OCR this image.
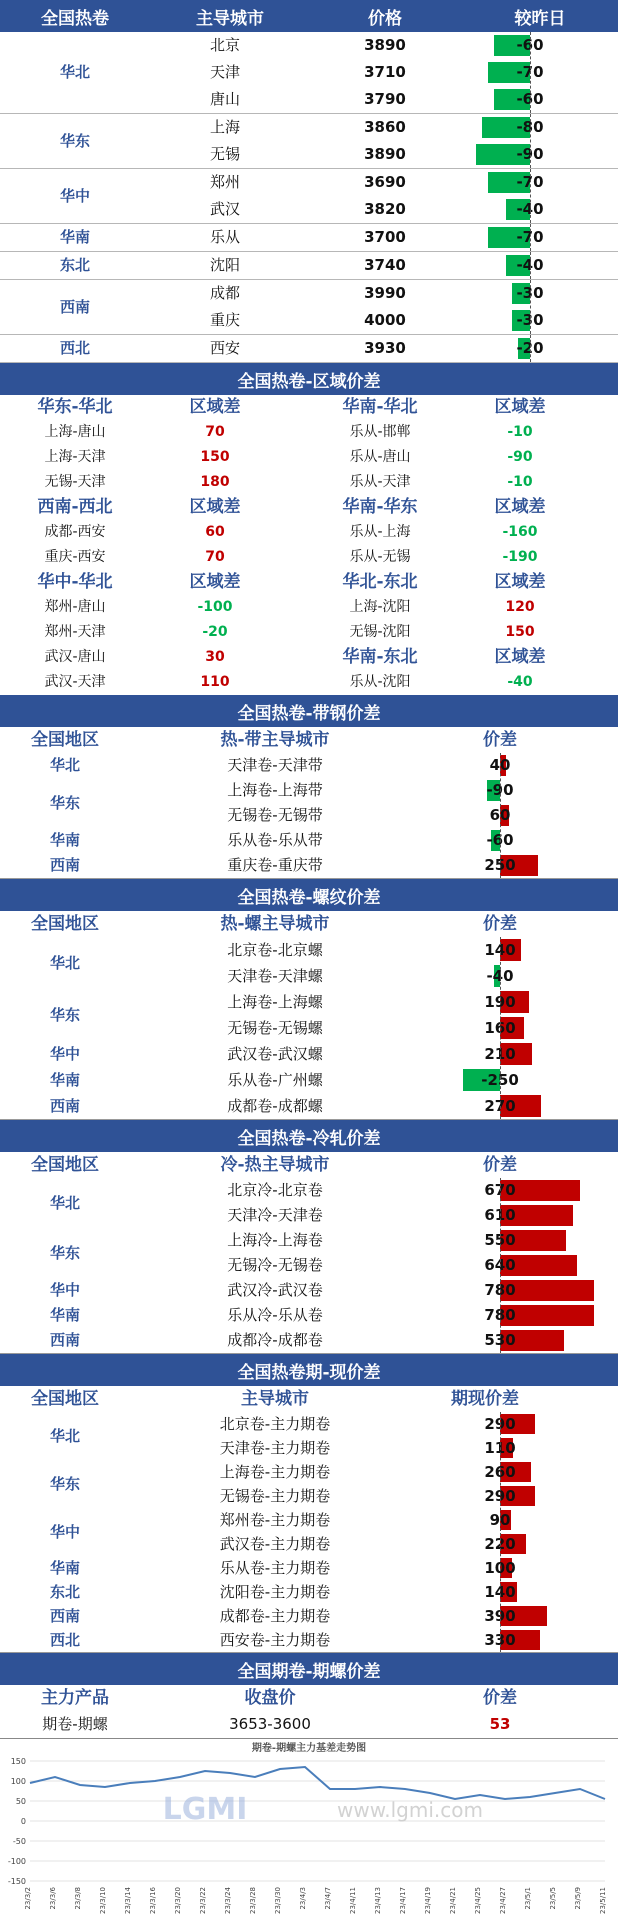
全国热卷	主导城市	价格	较昨日
华北
北京	3890	-60
天津	3710	-70
唐山	3790	-60
华东
上海	3860	-80
无锡	3890	-90
华中
郑州	3690	-70
武汉	3820	-40
华南	乐从	3700	-70
东北	沈阳	3740	-40
西南
成都	3990	-30
重庆	4000	-30
西北	西安	3930	-20
全国热卷-区域价差
华东-华北	区域差
上海-唐山	70
上海-天津	150
无锡-天津	180
华南-华北	区域差
乐从-邯郸	-10
乐从-唐山	-90
乐从-天津	-10
西南-西北	区域差
成都-西安	60
重庆-西安	70
华南-华东	区域差
乐从-上海	-160
乐从-无锡	-190
华中-华北	区域差
郑州-唐山	-100
郑州-天津	-20
武汉-唐山	30
武汉-天津	110
华北-东北	区域差
上海-沈阳	120
无锡-沈阳	150
华南-东北	区域差
乐从-沈阳	-40
全国热卷-带钢价差
全国地区	热-带主导城市	价差
华北	天津卷-天津带	40
华东
上海卷-上海带	-90
无锡卷-无锡带	60
华南	乐从卷-乐从带	-60
西南	重庆卷-重庆带	250
全国热卷-螺纹价差
全国地区	热-螺主导城市	价差
华北
北京卷-北京螺	140
天津卷-天津螺	-40
华东
上海卷-上海螺	190
无锡卷-无锡螺	160
华中	武汉卷-武汉螺	210
华南	乐从卷-广州螺	-250
西南	成都卷-成都螺	270
全国热卷-冷轧价差
全国地区	冷-热主导城市	价差
华北
北京冷-北京卷	670
天津冷-天津卷	610
华东
上海冷-上海卷	550
无锡冷-无锡卷	640
华中	武汉冷-武汉卷	780
华南	乐从冷-乐从卷	780
西南	成都冷-成都卷	530
全国热卷期-现价差
全国地区	主导城市	期现价差
华北
北京卷-主力期卷	290
天津卷-主力期卷	110
华东
上海卷-主力期卷	260
无锡卷-主力期卷	290
华中
郑州卷-主力期卷	90
武汉卷-主力期卷	220
华南	乐从卷-主力期卷	100
东北	沈阳卷-主力期卷	140
西南	成都卷-主力期卷	390
西北	西安卷-主力期卷	330
全国期卷-期螺价差
主力产品	收盘价	价差
期卷-期螺	3653-3600	53
期卷-期螺主力基差走势图
150
100
50
0
-50
-100
-150
23/3/2 23/3/6 23/3/8 23/3/10 23/3/14 23/3/16 23/3/20 23/3/22 23/3/24 23/3/28 23/3/30 23/4/3 23/4/7 23/4/11 23/4/13 23/4/17 23/4/19 23/4/21 23/4/25 23/4/27 23/5/1 23/5/5 23/5/9 23/5/11
LGMI	www.lgmi.com
